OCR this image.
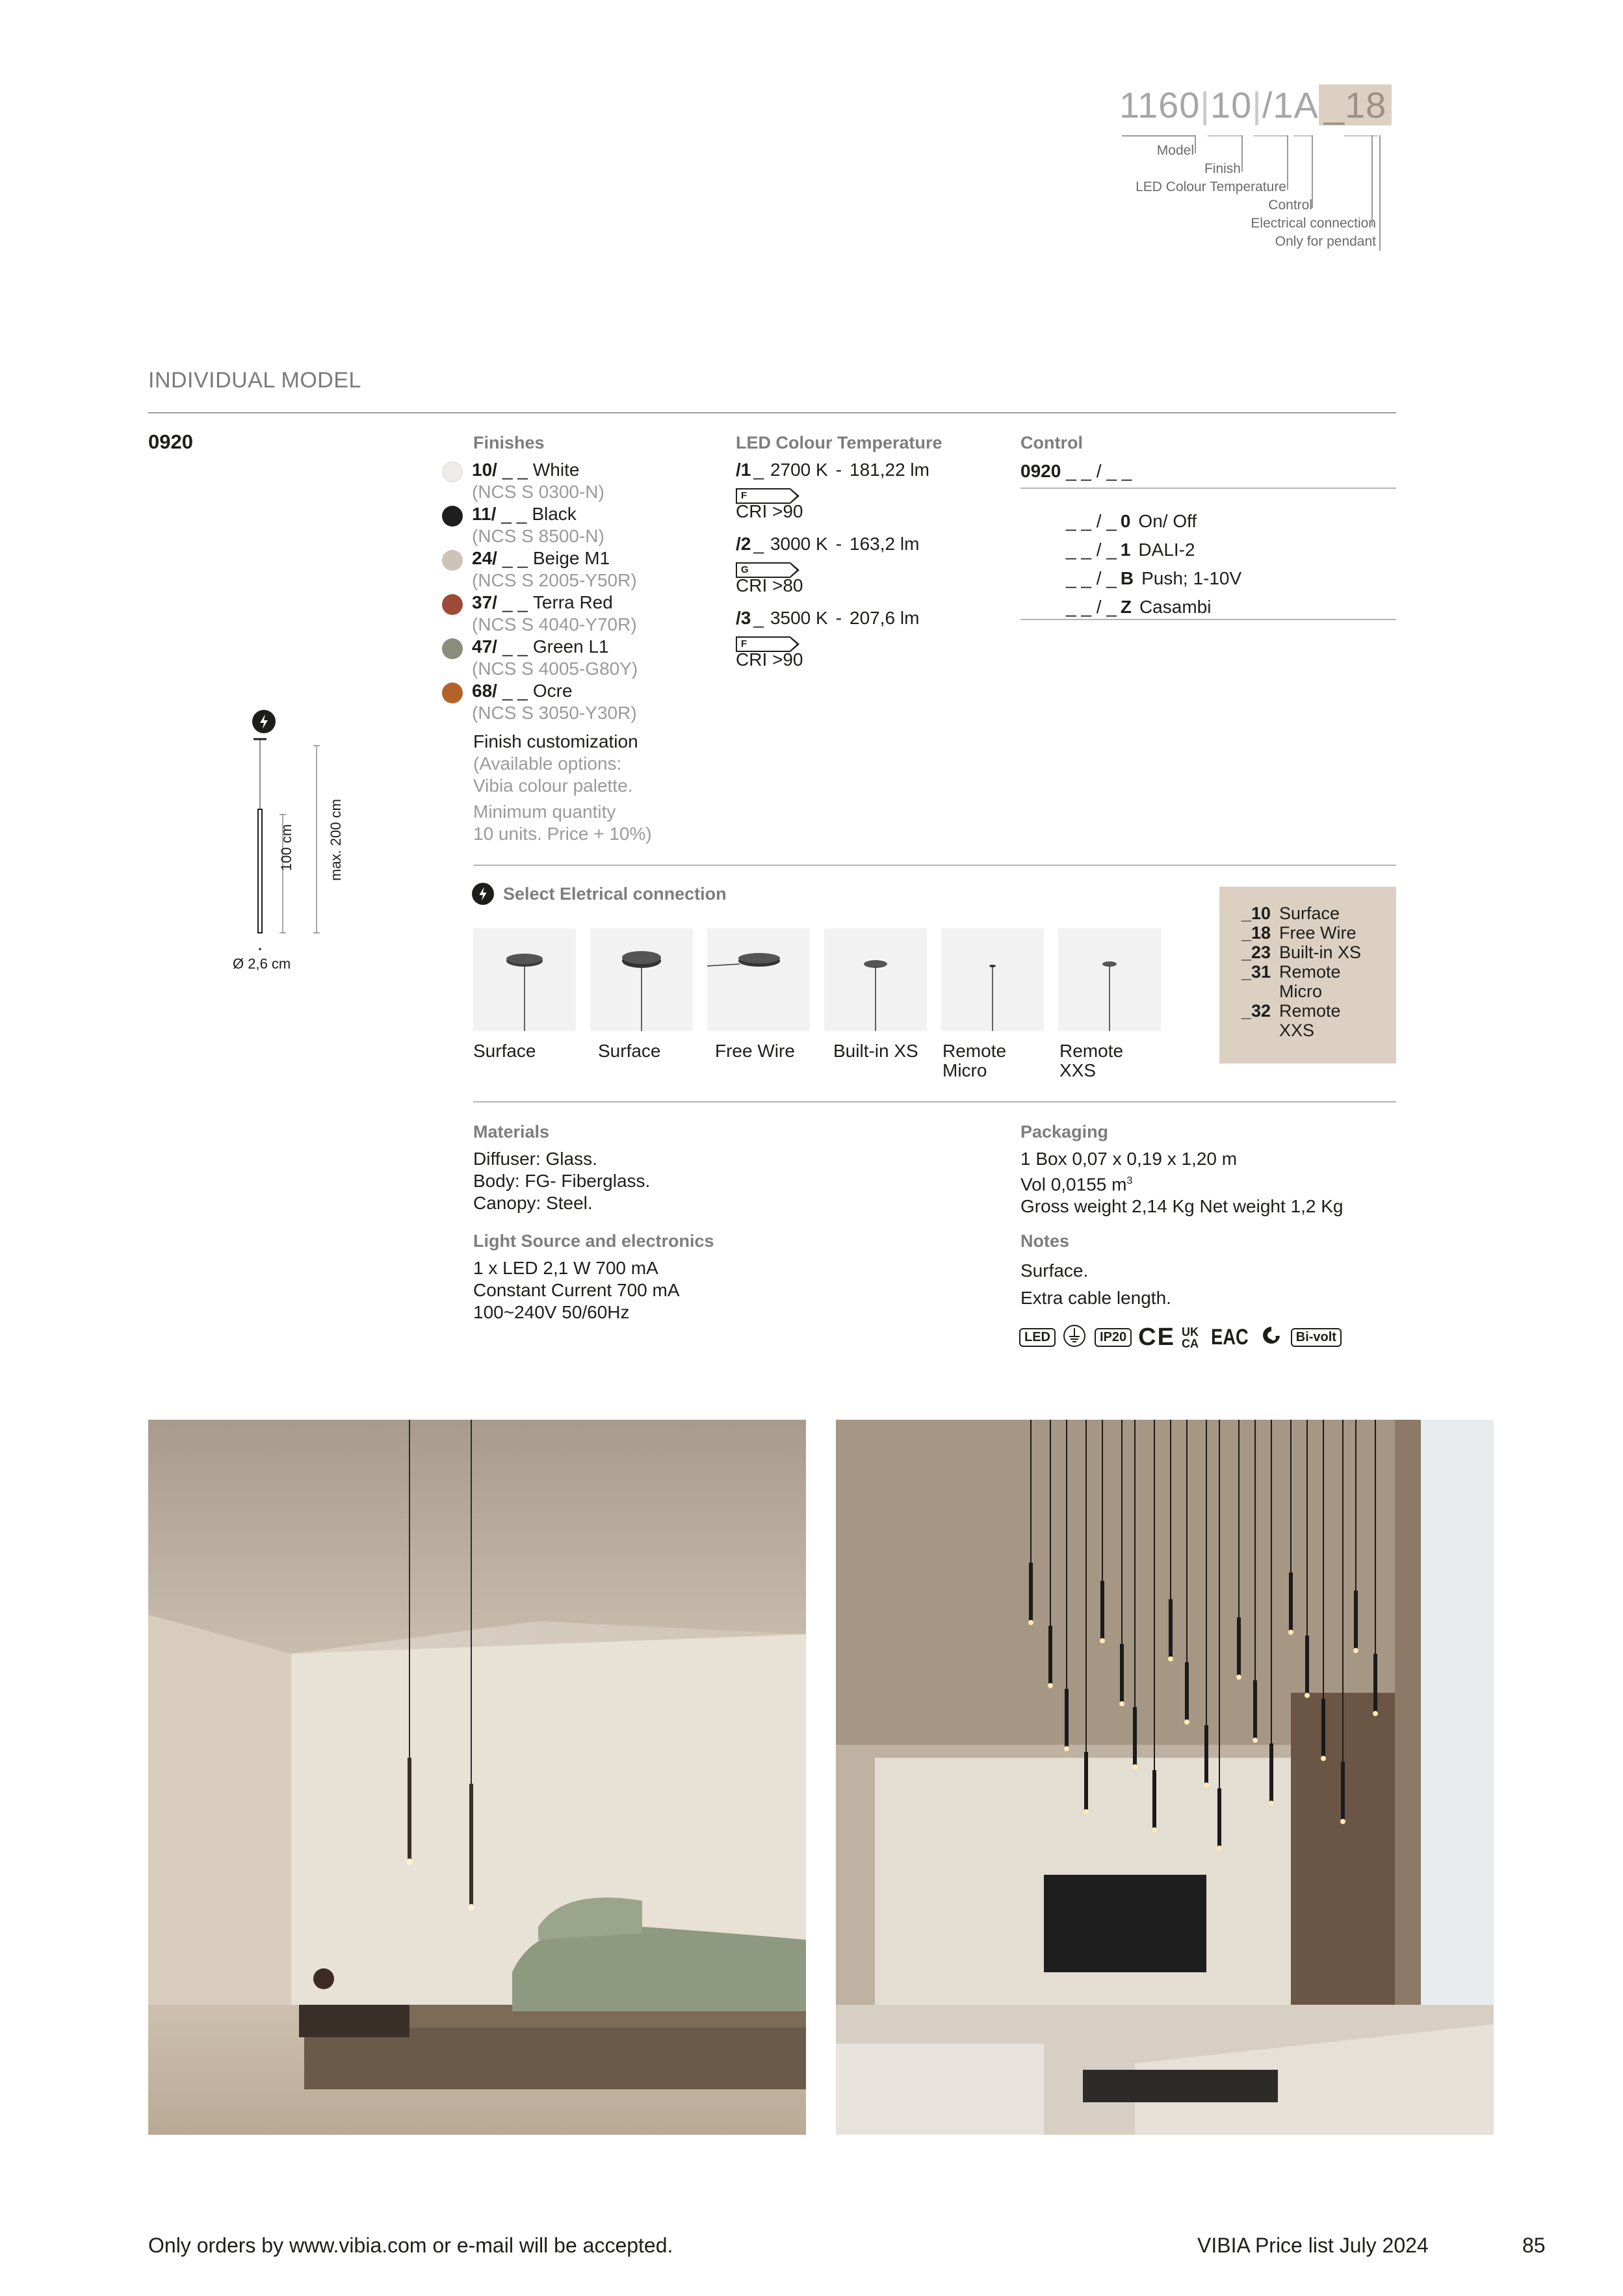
1160|10|/1A _18
Model
Finish
LED Colour Temperature
Control
Electrical connection
Only for pendant
INDIVIDUAL MODEL
0920
100 cm max. 200 cm
Ø 2,6 cm
Finishes
10/ _ _ White
(NCS S 0300-N)
11/ _ _ Black
(NCS S 8500-N)
24/ _ _ Beige M1
(NCS S 2005-Y50R)
37/ _ _ Terra Red
(NCS S 4040-Y70R)
47/ _ _ Green L1
(NCS S 4005-G80Y)
68/ _ _ Ocre
(NCS S 3050-Y30R)
Finish customization
(Available options:
Vibia colour palette.
Minimum quantity
10 units. Price + 10%)
LED Colour Temperature
/1 _ 2700 K - 181,22 lm
F
CRI >90
/2 _ 3000 K - 163,2 lm
G
CRI >80
/3 _ 3500 K - 207,6 lm
F
CRI >90
Control
0920 _ _ / _ _
_ _ / _ 0 On/ Off
_ _ / _ 1 DALI-2
_ _ / _ B Push; 1-10V
_ _ / _ Z Casambi
Select Eletrical connection
Surface	Surface	Free Wire Built-in XS Remote
Micro
Remote
XXS
_10 Surface
_18 Free Wire
_23 Built-in XS
_31 Remote
Micro
_32 Remote
XXS
Materials
Diffuser: Glass.
Body: FG- Fiberglass.
Canopy: Steel.
Light Source and electronics
1 x LED 2,1 W 700 mA
Constant Current 700 mA
100~240V 50/60Hz
Packaging
1 Box 0,07 x 0,19 x 1,20 m
Vol 0,0155 $m^3$
Gross weight 2,14 Kg Net weight 1,2 Kg
Notes
Surface.
Extra cable length.
LED	IP20 CE UK
CA EAC	Bi-volt
Only orders by www.vibia.com or e-mail will be accepted.	VIBIA Price list July 2024	85
